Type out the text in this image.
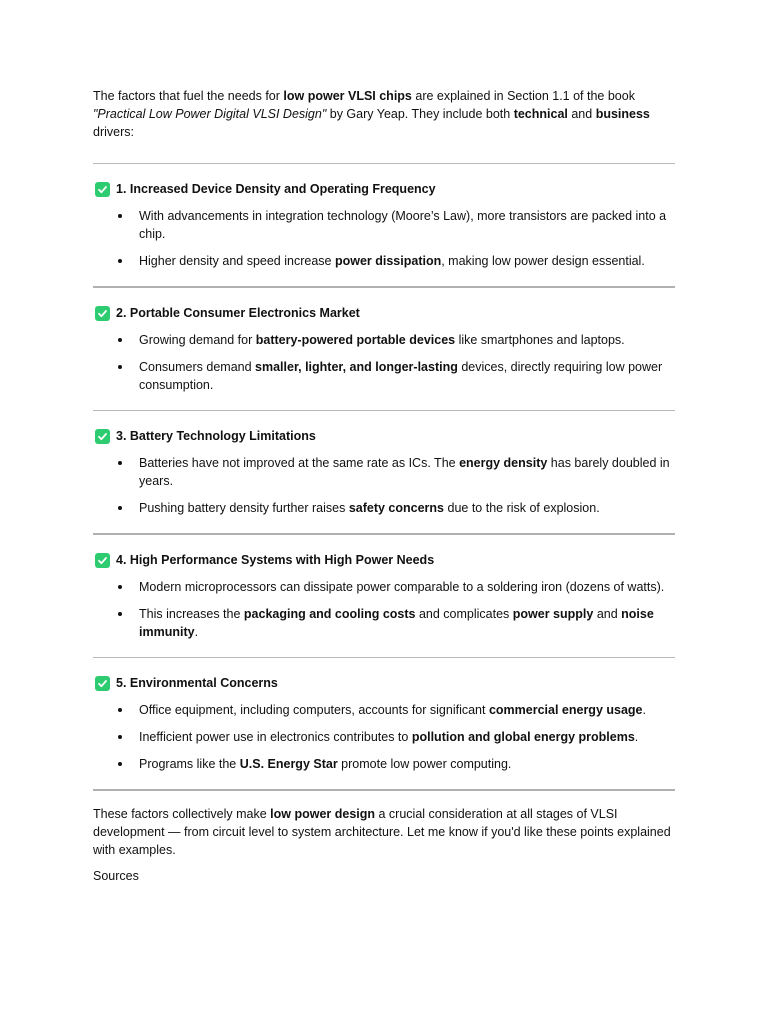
The factors that fuel the needs for low power VLSI chips are explained in Section 1.1 of the book "Practical Low Power Digital VLSI Design" by Gary Yeap. They include both technical and business drivers:

1. Increased Device Density and Operating Frequency
With advancements in integration technology (Moore’s Law), more transistors are packed into a chip.
Higher density and speed increase power dissipation, making low power design essential.
2. Portable Consumer Electronics Market
Growing demand for battery-powered portable devices like smartphones and laptops.
Consumers demand smaller, lighter, and longer-lasting devices, directly requiring low power consumption.
3. Battery Technology Limitations
Batteries have not improved at the same rate as ICs. The energy density has barely doubled in years.
Pushing battery density further raises safety concerns due to the risk of explosion.
4. High Performance Systems with High Power Needs
Modern microprocessors can dissipate power comparable to a soldering iron (dozens of watts).
This increases the packaging and cooling costs and complicates power supply and noise immunity.
5. Environmental Concerns
Office equipment, including computers, accounts for significant commercial energy usage.
Inefficient power use in electronics contributes to pollution and global energy problems.
Programs like the U.S. Energy Star promote low power computing.

These factors collectively make low power design a crucial consideration at all stages of VLSI development — from circuit level to system architecture. Let me know if you'd like these points explained with examples.

Sources
